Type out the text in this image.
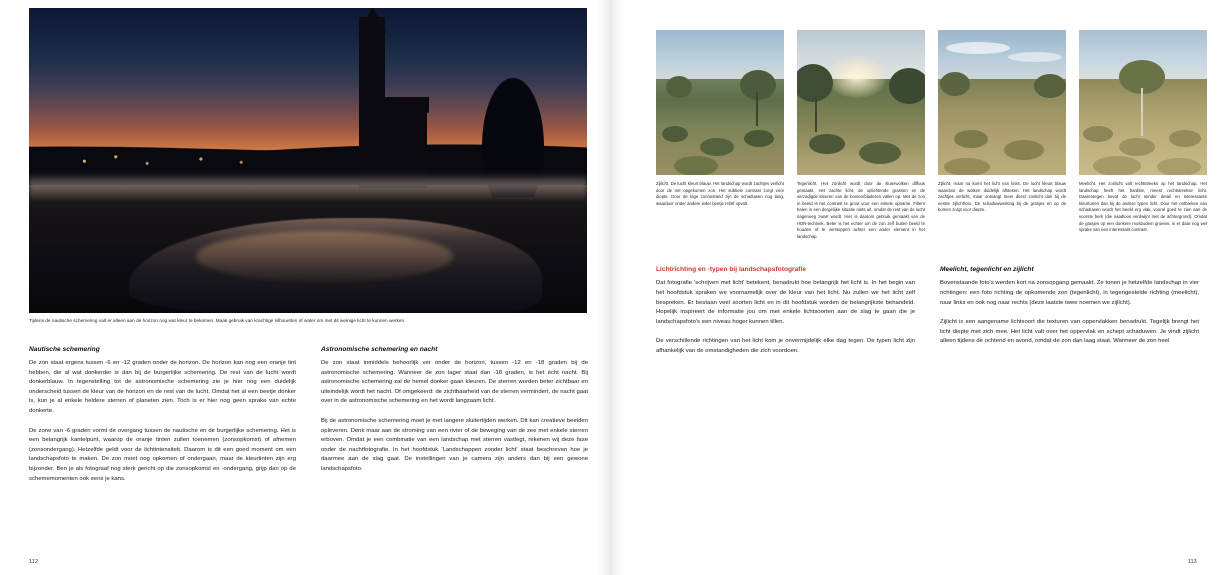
Tijdens de nautische schemering valt er alleen aan de horizon nog wat kleur te bekomen. Maak gebruik van krachtige silhouetten of water om met dit weinige licht te kunnen werken.
Nautische schemering

De zon staat ergens tussen -6 en -12 graden onder de horizon. De horizon kan nog een oranje tint hebben, die al wat donkerder is dan bij de burgerlijke schemering. De rest van de lucht wordt donkerblauw. In tegenstelling tot de astronomische schemering zie je hier nog een duidelijk onderscheid tussen de kleur van de horizon en de rest van de lucht. Omdat het al een beetje donker is, kun je al enkele heldere sterren of planeten zien. Toch is er hier nog geen sprake van echte donkerte.

De zone van -6 graden vormt de overgang tussen de nautische en de burgerlijke schemering. Het is een belangrijk kantelpunt, waarop de oranje tinten zullen toenemen (zonsopkomst) of afnemen (zonsondergang). Hetzelfde geldt voor de lichtintensiteit. Daarom is dit een goed moment om een landschapsfoto te maken. De zon moet nog opkomen of ondergaan, maar de kleurtinten zijn erg bijzonder. Ben je als fotograaf nog sterk gericht op die zonsopkomst en -ondergang, grijp dan op de schememomenten ook eens je kans.

Astronomische schemering en nacht

De zon staat inmiddels behoorlijk ver onder de horizon, tussen -12 en -18 graden bij de astronomische schemering. Wanneer de zon lager staat dan -18 graden, is het écht nacht. Bij astronomische schemering zal de hemel donker gaan kleuren. De sterren worden beter zichtbaar en uiteindelijk wordt het nacht. Of omgekeerd: de zichtbaarheid van de sterren vermindert, de nacht gaat over in de astronomische schemering en het wordt langzaam licht.

Bij de astronomische schemering moet je met langere sluitertijden werken. Dit kan creatieve beelden opleveren. Denk maar aan de stroming van een rivier of de beweging van de zee met enkele sterren erboven. Omdat je een combinatie van een landschap met sterren vastlegt, rekenen wij deze fase onder de nachtfotografie. In het hoofdstuk 'Landschappen zonder licht' staat beschreven hoe je daarmee aan de slag gaat. De instellingen van je camera zijn anders dan bij een gewone landschapsfoto.

112
Zijlicht. De lucht kleurt blauw. Het landschap wordt zachtjes verlicht door de net opgekomen zon. Het subtiele contrast zorgt voor diepte. Door de lage zonnestand zijn de schaduwen nog lang, waardoor onder andere ieder beetje reliëf opvalt.
Tegenlicht. Het zonlicht wordt door de sluierwolken diffuus gemaakt. Het zachte licht, de oplichtende grassen en de verzadigde kleuren van de bomen/bladeren vallen op. Met de zon in beeld is het contrast te groot voor een enkele opname. Filters halen in een dergelijke situatie niets uit, omdat de rest van de lucht nagenoeg zwart wordt. Hier is daarom gebruik gemaakt van de HDR-techniek. Beter is het echter om de zon zelf buiten beeld te houden of te verstoppen achter een ander element in het landschap.
Zijlicht, maar nu komt het licht van links. De lucht kleurt blauw waardoor de wolken duidelijk afsteken. Het landschap wordt zachtjes verlicht, maar ontvangt meer direct zonlicht dan bij de eerste zijlichtfoto. De schaduwwerking bij de grasjes en op de bomen zorgt voor diepte.
Meelicht. Het zonlicht valt rechtstreeks op het landschap. Het landschap heeft het hardste, meest rechtstreekse licht. Daarentegen bevat de lucht minder detail en interessante kleurtonen dan bij de andere typen licht. Door het ontbreken van schaduwen wordt het beeld erg vlak, vooral goed te zien aan de voorste berk (die naadloos verdwijnt met de achtergrond). Omdat de grasjes op een donkere mosbodem groeien, is er daar nog wel sprake van een interessant contrast.
Lichtrichting en -typen bij landschapsfotografie

Dat fotografie 'schrijven met licht' betekent, benadrukt hoe belangrijk het licht is. In het begin van het hoofdstuk spraken we voornamelijk over de kleur van het licht. Nu zullen we het licht zelf bespreken. Er bestaan veel soorten licht en in dit hoofdstuk worden de belangrijkste behandeld. Hopelijk inspireert de informatie jou om met enkele lichtsoorten aan de slag te gaan die je landschapsfoto's een niveau hoger kunnen tillen.

De verschillende richtingen van het licht kom je onvermijdelijk elke dag tegen. De typen licht zijn afhankelijk van de omstandigheden die zich voordoen.

Meelicht, tegenlicht en zijlicht

Bovenstaande foto's werden kort na zonsopgang gemaakt. Ze tonen je hetzelfde landschap in vier richtingen: een foto richting de opkomende zon (tegenlicht), in tegengestelde richting (meelicht), naar links en ook nog naar rechts (deze laatste twee noemen we zijlicht).

Zijlicht is een aangename lichtsoort die texturen van oppervlakken benadrukt. Tegelijk brengt het licht diepte met zich mee. Het licht valt over het oppervlak en schept schaduwen. Je vindt zijlicht alleen tijdens de ochtend en avond, omdat de zon dan laag staat. Wanneer de zon heel

113
